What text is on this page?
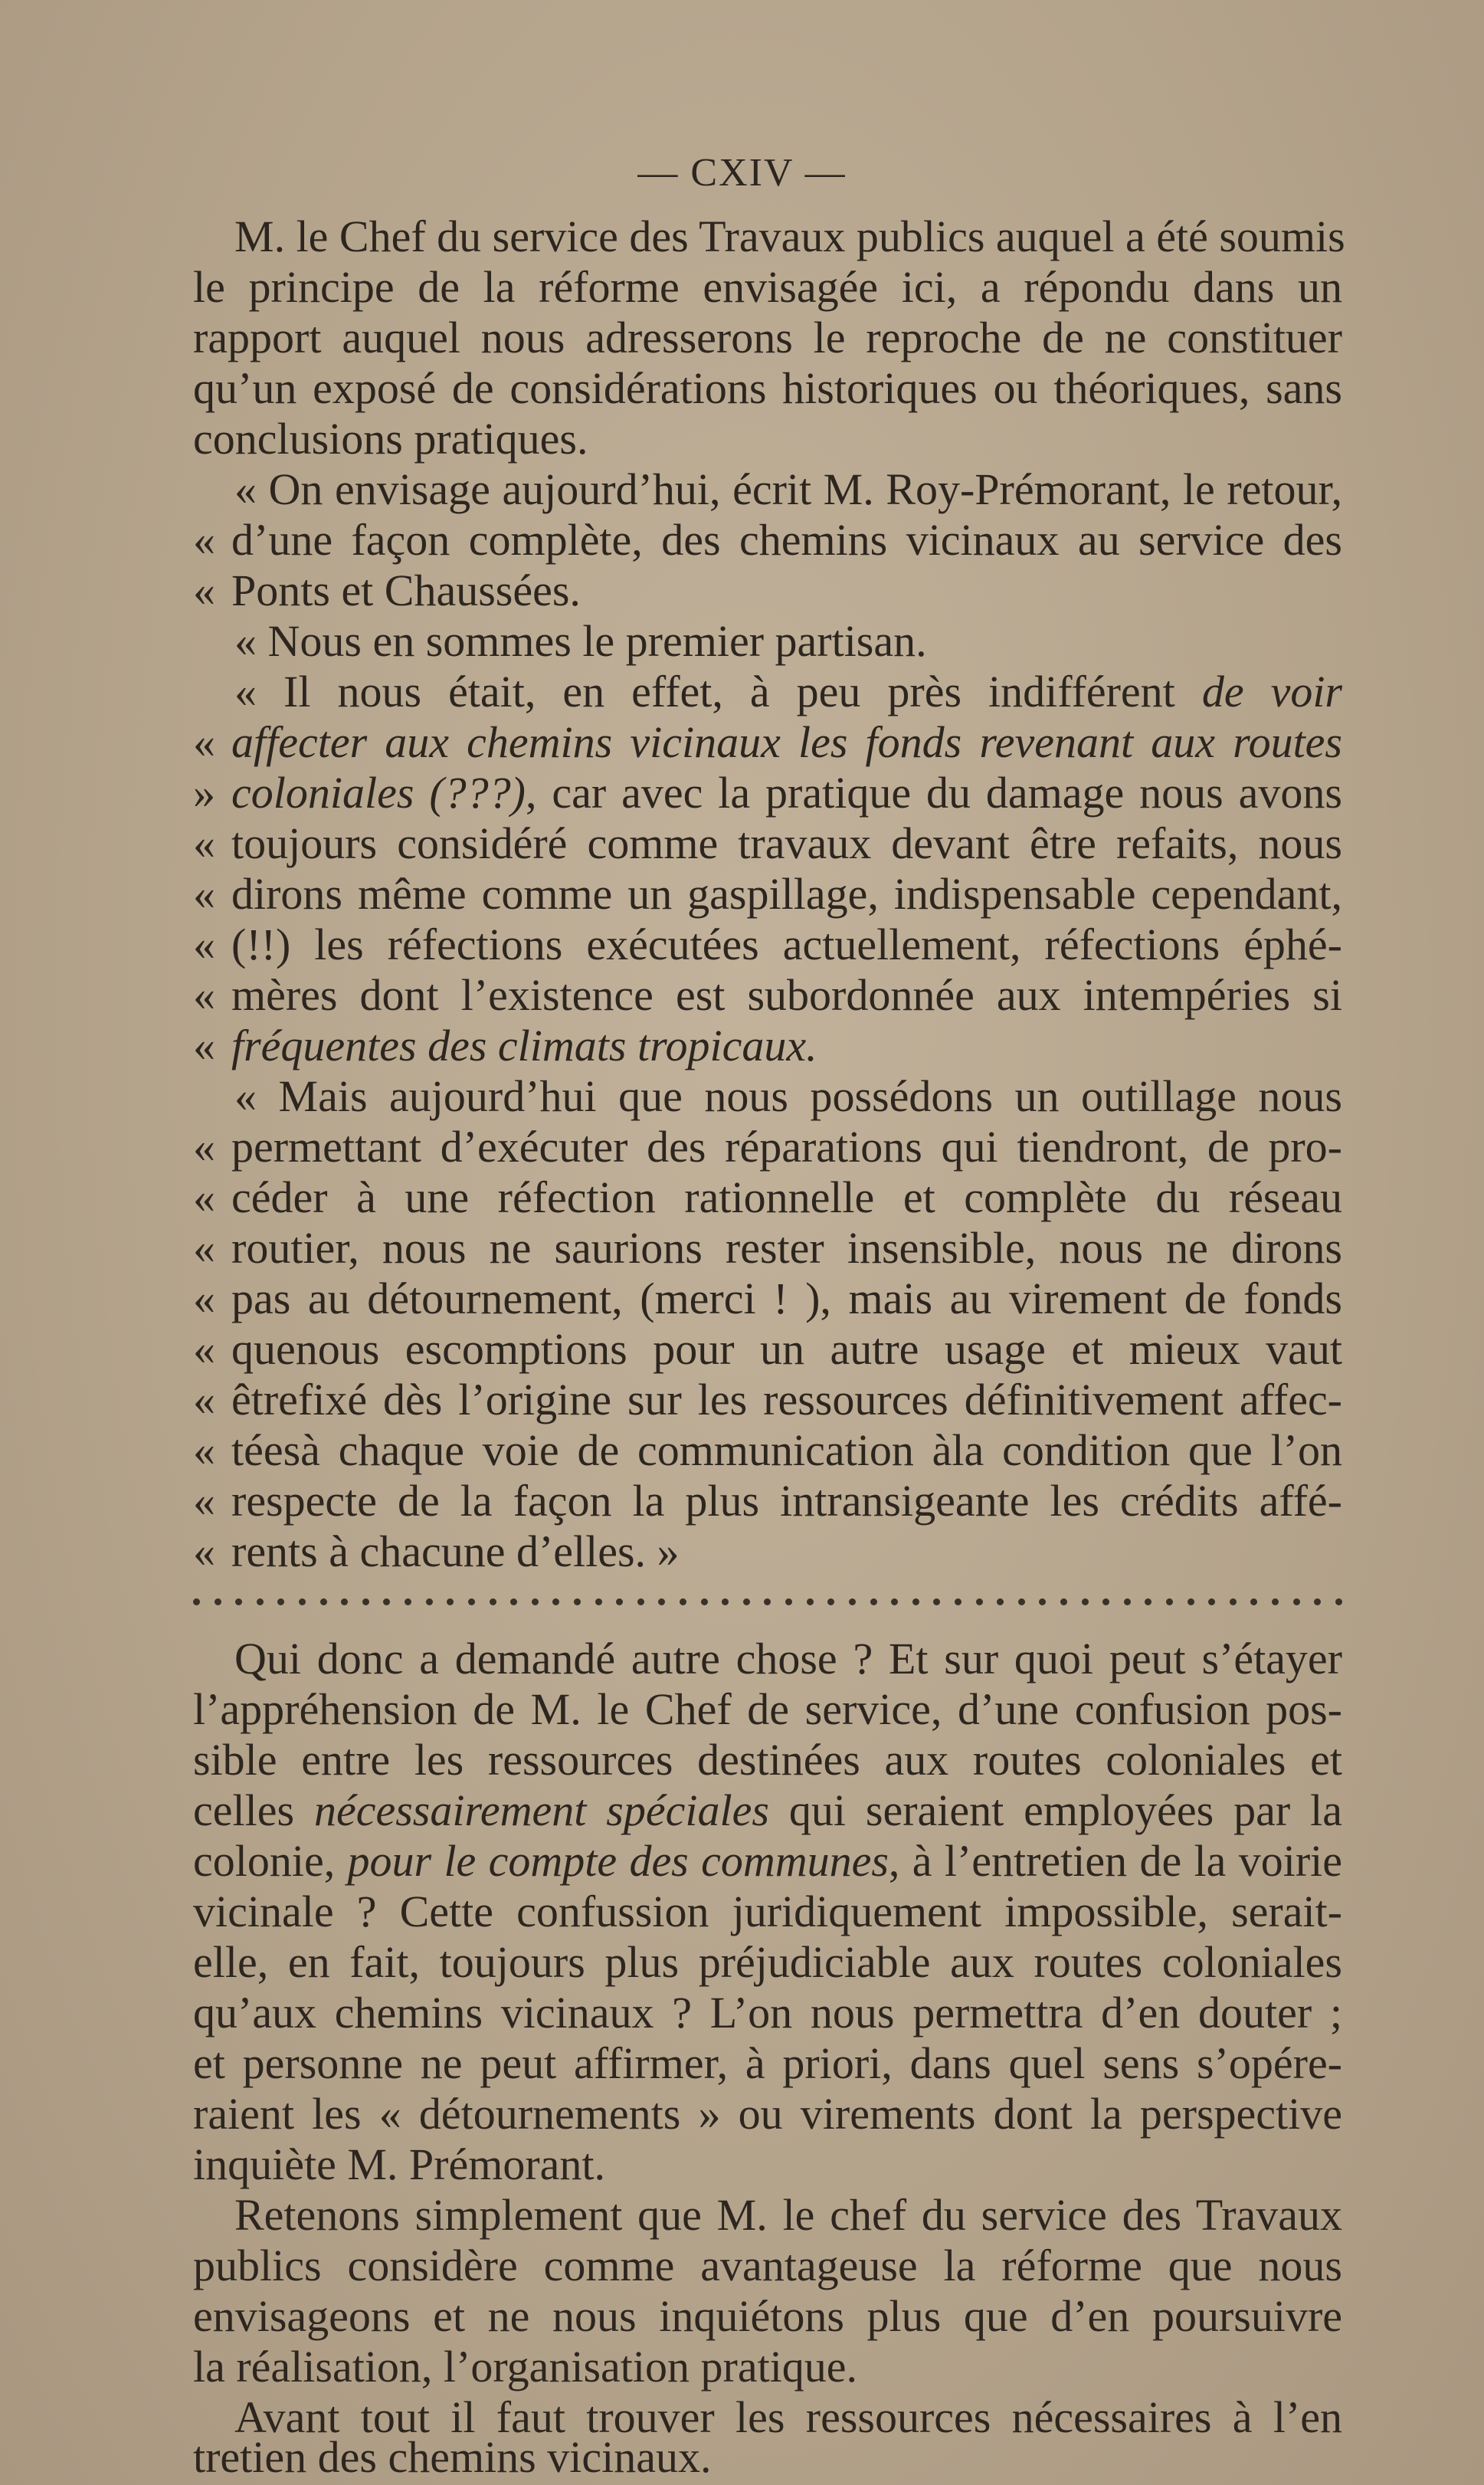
— CXIV —
M. le Chef du service des Travaux publics auquel a été soumis
le principe de la réforme envisagée ici, a répondu dans un
rapport auquel nous adresserons le reproche de ne constituer
qu’un exposé de considérations historiques ou théoriques, sans
conclusions pratiques.
« On envisage aujourd’hui, écrit M. Roy-Prémorant, le retour,
« d’une façon complète, des chemins vicinaux au service des
« Ponts et Chaussées.
« Nous en sommes le premier partisan.
« Il nous était, en effet, à peu près indifférent de voir
« affecter aux chemins vicinaux les fonds revenant aux routes
» coloniales (???), car avec la pratique du damage nous avons
« toujours considéré comme travaux devant être refaits, nous
« dirons même comme un gaspillage, indispensable cependant,
« (!!) les réfections exécutées actuellement, réfections éphé-
« mères dont l’existence est subordonnée aux intempéries si
« fréquentes des climats tropicaux.
« Mais aujourd’hui que nous possédons un outillage nous
« permettant d’exécuter des réparations qui tiendront, de pro-
« céder à une réfection rationnelle et complète du réseau
« routier, nous ne saurions rester insensible, nous ne dirons
« pas au détournement, (merci ! ), mais au virement de fonds
« quenous escomptions pour un autre usage et mieux vaut
« êtrefixé dès l’origine sur les ressources définitivement affec-
« téesà chaque voie de communication àla condition que l’on
« respecte de la façon la plus intransigeante les crédits affé-
« rents à chacune d’elles. »
Qui donc a demandé autre chose ? Et sur quoi peut s’étayer
l’appréhension de M. le Chef de service, d’une confusion pos-
sible entre les ressources destinées aux routes coloniales et
celles nécessairement spéciales qui seraient employées par la
colonie, pour le compte des communes, à l’entretien de la voirie
vicinale ? Cette confussion juridiquement impossible, serait-
elle, en fait, toujours plus préjudiciable aux routes coloniales
qu’aux chemins vicinaux ? L’on nous permettra d’en douter ;
et personne ne peut affirmer, à priori, dans quel sens s’opére-
raient les « détournements » ou virements dont la perspective
inquiète M. Prémorant.
Retenons simplement que M. le chef du service des Travaux
publics considère comme avantageuse la réforme que nous
envisageons et ne nous inquiétons plus que d’en poursuivre
la réalisation, l’organisation pratique.
Avant tout il faut trouver les ressources nécessaires à l’en
tretien des chemins vicinaux.
